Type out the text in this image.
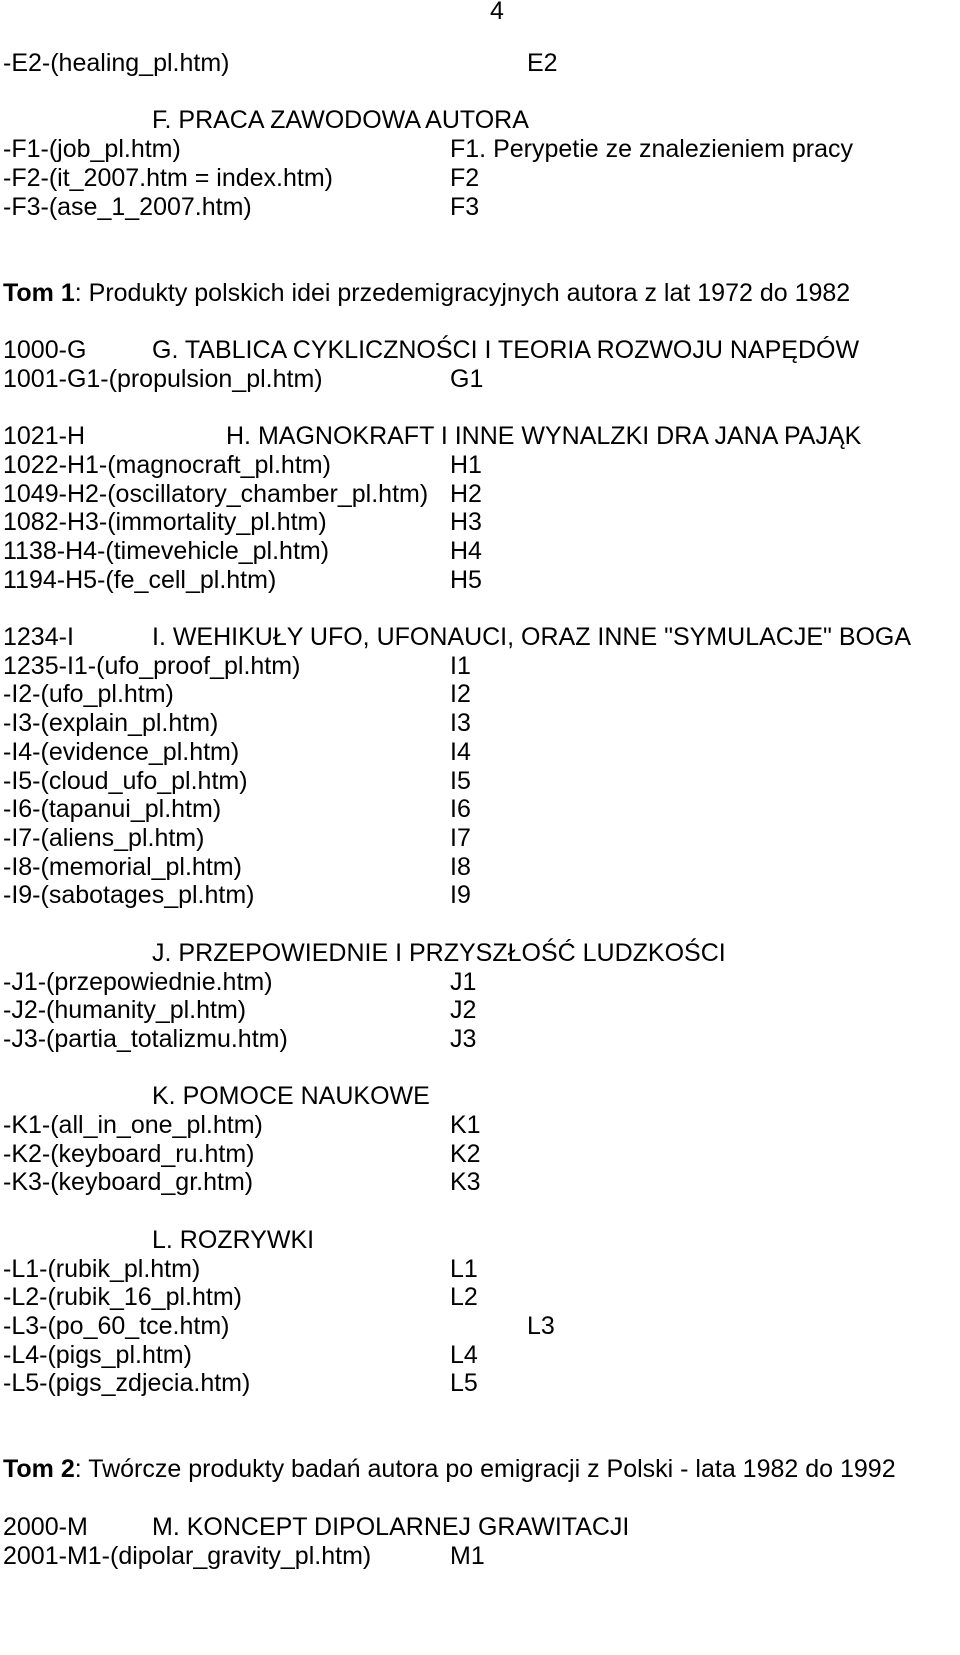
4
-E2-(healing_pl.htm)	E2
F. PRACA ZAWODOWA AUTORA
-F1-(job_pl.htm)	F1. Perypetie ze znalezieniem pracy
-F2-(it_2007.htm = index.htm)	F2
-F3-(ase_1_2007.htm)	F3
Tom 1: Produkty polskich idei przedemigracyjnych autora z lat 1972 do 1982
1000-G	G. TABLICA CYKLICZNOŚCI I TEORIA ROZWOJU NAPĘDÓW
1001-G1-(propulsion_pl.htm)	G1
1021-H	H. MAGNOKRAFT I INNE WYNALZKI DRA JANA PAJĄK
1022-H1-(magnocraft_pl.htm)	H1
1049-H2-(oscillatory_chamber_pl.htm) H2
1082-H3-(immortality_pl.htm)	H3
1138-H4-(timevehicle_pl.htm)	H4
1194-H5-(fe_cell_pl.htm)	H5
1234-I	I. WEHIKUŁY UFO, UFONAUCI, ORAZ INNE "SYMULACJE" BOGA
1235-I1-(ufo_proof_pl.htm)	I1
-I2-(ufo_pl.htm)	I2
-I3-(explain_pl.htm)	I3
-I4-(evidence_pl.htm)	I4
-I5-(cloud_ufo_pl.htm)	I5
-I6-(tapanui_pl.htm)	I6
-I7-(aliens_pl.htm)	I7
-I8-(memorial_pl.htm)	I8
-I9-(sabotages_pl.htm)	I9
J. PRZEPOWIEDNIE I PRZYSZŁOŚĆ LUDZKOŚCI
-J1-(przepowiednie.htm)	J1
-J2-(humanity_pl.htm)	J2
-J3-(partia_totalizmu.htm)	J3
K. POMOCE NAUKOWE
-K1-(all_in_one_pl.htm)	K1
-K2-(keyboard_ru.htm)	K2
-K3-(keyboard_gr.htm)	K3
L. ROZRYWKI
-L1-(rubik_pl.htm)	L1
-L2-(rubik_16_pl.htm)	L2
-L3-(po_60_tce.htm)	L3
-L4-(pigs_pl.htm)	L4
-L5-(pigs_zdjecia.htm)	L5
Tom 2: Twórcze produkty badań autora po emigracji z Polski - lata 1982 do 1992
2000-M	M. KONCEPT DIPOLARNEJ GRAWITACJI
2001-M1-(dipolar_gravity_pl.htm)	M1
